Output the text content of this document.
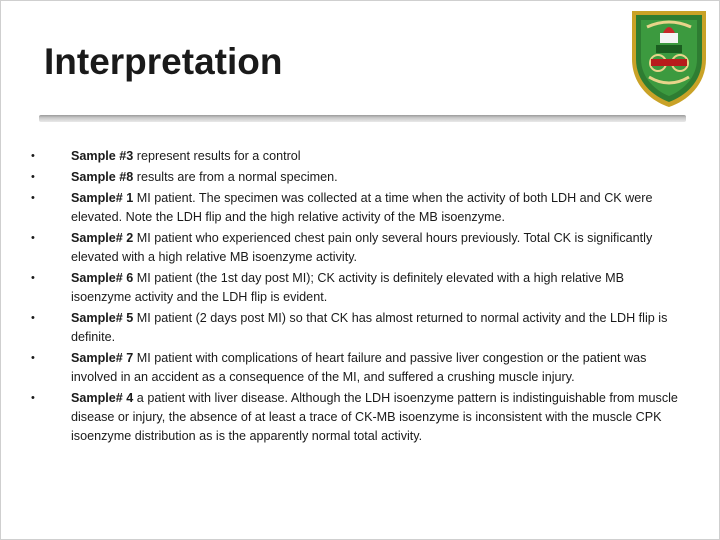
Interpretation
• Sample #3 represent results for a control
• Sample #8 results are from a normal specimen.
• Sample# 1 MI patient. The specimen was collected at a time when the activity of both LDH and CK were elevated. Note the LDH flip and the high relative activity of the MB isoenzyme.
• Sample# 2 MI patient who experienced chest pain only several hours previously. Total CK is significantly elevated with a high relative MB isoenzyme activity.
• Sample# 6 MI patient (the 1st day post MI); CK activity is definitely elevated with a high relative MB isoenzyme activity and the LDH flip is evident.
• Sample# 5 MI patient (2 days post MI) so that CK has almost returned to normal activity and the LDH flip is definite.
• Sample# 7 MI patient with complications of heart failure and passive liver congestion or the patient was involved in an accident as a consequence of the MI, and suffered a crushing muscle injury.
• Sample# 4 a patient with liver disease. Although the LDH isoenzyme pattern is indistinguishable from muscle disease or injury, the absence of at least a trace of CK-MB isoenzyme is inconsistent with the muscle CPK isoenzyme distribution as is the apparently normal total activity.
